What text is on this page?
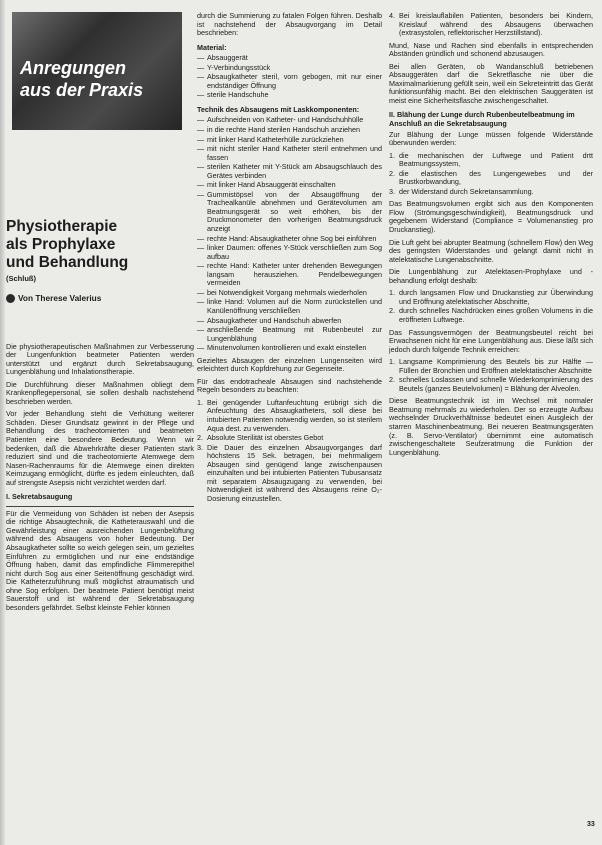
Anregungen
aus der Praxis
Physiotherapie
als Prophylaxe
und Behandlung
(Schluß)
Von Therese Valerius

Die physiotherapeutischen Maßnahmen zur Verbesserung der Lungenfunktion beatmeter Patienten werden unterstützt und ergänzt durch Sekretabsaugung, Lungenblähung und Inhalationstherapie.

Die Durchführung dieser Maßnahmen obliegt dem Krankenpflegepersonal, sie sollen deshalb nachstehend beschrieben werden.

Vor jeder Behandlung steht die Verhütung weiterer Schäden. Dieser Grundsatz gewinnt in der Pflege und Behandlung des tracheotomierten und beatmeten Patienten eine besondere Bedeutung. Wenn wir bedenken, daß die Abwehrkräfte dieser Patienten stark reduziert sind und die tracheotomierte Atemwege dem Nasen-Rachenraums für die Atemwege einen direkten Keimzugang ermöglicht, dürfte es jedem einleuchten, daß auf strengste Asepsis nicht verzichtet werden darf.

I. Sekretabsaugung

Für die Vermeidung von Schäden ist neben der Asepsis die richtige Absaugtechnik, die Katheterauswahl und die Gewährleistung einer ausreichenden Lungenbelüftung während des Absaugens von hoher Bedeutung. Der Absaugkatheter sollte so weich gelegen sein, um gezieltes Einführen zu ermöglichen und nur eine endständige Öffnung haben, damit das empfindliche Flimmerepithel nicht durch Sog aus einer Seitenöffnung geschädigt wird. Die Katheterzuführung muß möglichst atraumatisch und ohne Sog erfolgen. Der beatmete Patient benötigt meist Sauerstoff und ist während der Sekretabsaugung besonders gefährdet. Selbst kleinste Fehler können

durch die Summierung zu fatalen Folgen führen. Deshalb ist nachstehend der Absaugvorgang im Detail beschrieben:

Material:
— Absauggerät
— Y-Verbindungsstück
— Absaugkatheter steril, vorn gebogen, mit nur einer endständiger Öffnung
— sterile Handschuhe
Technik des Absaugens mit Laskkomponenten:
— Aufschneiden von Katheter- und Handschuhhülle
— in die rechte Hand sterilen Handschuh anziehen
— mit linker Hand Katheterhülle zurückziehen
— mit nicht steriler Hand Katheter steril entnehmen und fassen
— sterilen Katheter mit Y-Stück am Absaugschlauch des Gerätes verbinden
— mit linker Hand Absauggerät einschalten
— Gummistöpsel von der Absaugöffnung der Trachealkanüle abnehmen und Gerätevolumen am Beatmungsgerät so weit erhöhen, bis der Druckmonometer den vorherigen Beatmungsdruck anzeigt
— rechte Hand: Absaugkatheter ohne Sog bei einführen
— linker Daumen: offenes Y-Stück verschließen zum Sog aufbau
— rechte Hand: Katheter unter drehenden Bewegungen langsam herausziehen. Pendelbewegungen vermeiden
— bei Notwendigkeit Vorgang mehrmals wiederholen
— linke Hand: Volumen auf die Norm zurückstellen und Kanülenöffnung verschließen
— Absaugkatheter und Handschuh abwerfen
— anschließende Beatmung mit Rubenbeutel zur Lungenblähung
— Minutenvolumen kontrollieren und exakt einstellen

Gezieltes Absaugen der einzelnen Lungenseiten wird erleichtert durch Kopfdrehung zur Gegenseite.

Für das endotracheale Absaugen sind nachstehende Regeln besonders zu beachten:

1. Bei genügender Luftanfeuchtung erübrigt sich die Anfeuchtung des Absaugkatheters, soll diese bei intubierten Patienten notwendig werden, so ist sterilem Aqua dest. zu verwenden.
2. Absolute Sterilität ist oberstes Gebot
3. Die Dauer des einzelnen Absaugvorganges darf höchstens 15 Sek. betragen, bei mehrmaligem Absaugen sind genügend lange zwischenpausen einzuhalten und bei intubierten Patienten Tubusansatz mit separatem Absaugzugang zu verwenden, bei Notwendigkeit ist während des Absaugens reine O₂-Dosierung einzustellen.
4. Bei kreislauflabilen Patienten, besonders bei Kindern, Kreislauf während des Absaugens überwachen (extrasystolen, reflektorischer Herzstillstand).

Mund, Nase und Rachen sind ebenfalls in entsprechenden Abständen gründlich und schonend abzusaugen.

Bei allen Geräten, ob Wandanschluß betriebenen Absauggeräten darf die Sekretflasche nie über die Maximalmarkierung gefüllt sein, weil ein Sekreteintritt das Gerät funktionsunfähig macht. Bei den elektrischen Sauggeräten ist meist eine Sicherheitsflasche zwischengeschaltet.

II. Blähung der Lunge durch Rubenbeutelbeatmung im Anschluß an die Sekretabsaugung

Zur Blähung der Lunge müssen folgende Widerstände überwunden werden:

1. die mechanischen der Luftwege und Patient drtt Beatmungssystem,
2. die elastischen des Lungengewebes und der Brustkorbwandung,
3. der Widerstand durch Sekretansammlung.

Das Beatmungsvolumen ergibt sich aus den Komponenten Flow (Strömungsgeschwindigkeit), Beatmungsdruck und gegebenem Widerstand (Compliance = Volumenanstieg pro Druckanstieg).

Die Luft geht bei abrupter Beatmung (schnellem Flow) den Weg des geringsten Widerstandes und gelangt damit nicht in atelektatische Lungenabschnitte.

Die Lungenblähung zur Atelektasen-Prophylaxe und -behandlung erfolgt deshalb:

1. durch langsamen Flow und Druckanstieg zur Überwindung und Eröffnung atelektatischer Abschnitte,
2. durch schnelles Nachdrücken eines großen Volumens in die eröffneten Luftwege.

Das Fassungsvermögen der Beatmungsbeutel reicht bei Erwachsenen nicht für eine Lungenblähung aus. Diese läßt sich jedoch durch folgende Technik erreichen:

1. Langsame Komprimierung des Beutels bis zur Hälfte — Füllen der Bronchien und Eröffnen atelektatischer Abschnitte
2. schnelles Loslassen und schnelle Wiederkomprimierung des Beutels (ganzes Beutelvolumen) = Blähung der Alveolen.

Diese Beatmungstechnik ist im Wechsel mit normaler Beatmung mehrmals zu wiederholen. Der so erzeugte Aufbau wechselnder Druckverhältnisse bedeutet einen Ausgleich der starren Maschinenbeatmung. Bei neueren Beatmungsgeräten (z. B. Servo-Ventilator) übernimmt eine automatisch zwischengeschaltete Seufzeratmung die Funktion der Lungenblähung.

33
